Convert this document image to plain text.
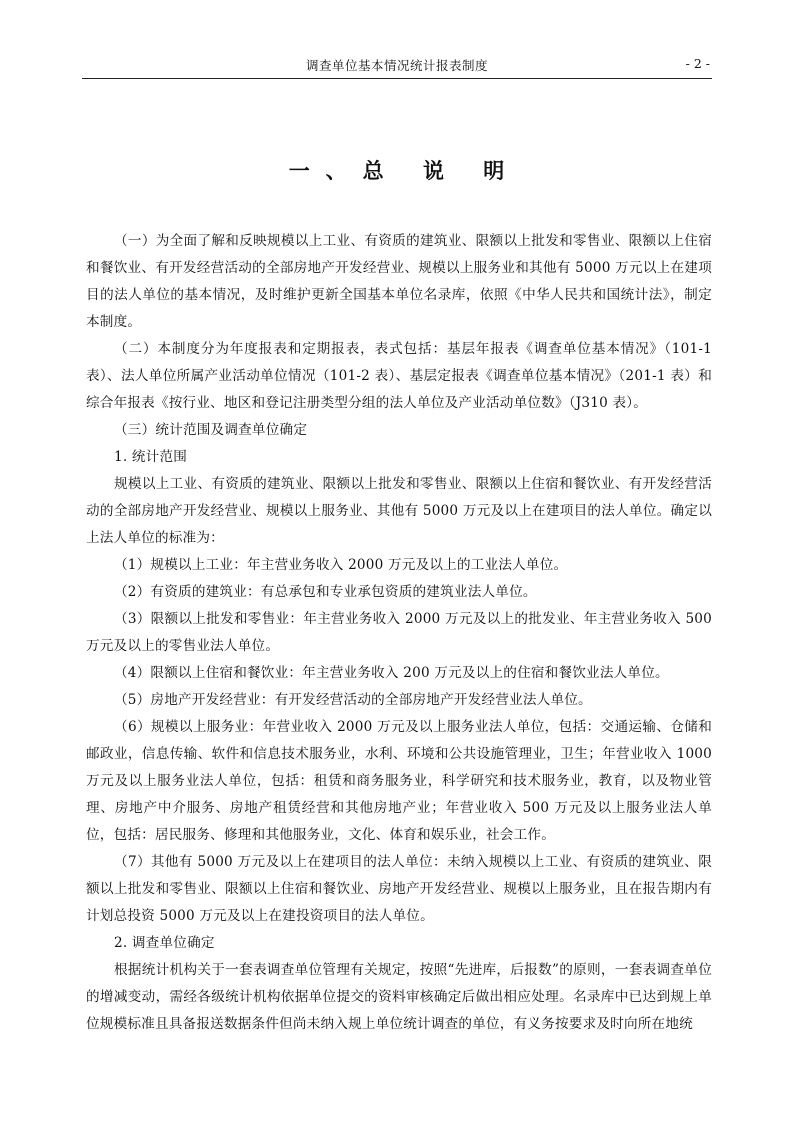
调查单位基本情况统计报表制度	- 2 -
一、总 说 明

（一）为全面了解和反映规模以上工业、有资质的建筑业、限额以上批发和零售业、限额以上住宿和餐饮业、有开发经营活动的全部房地产开发经营业、规模以上服务业和其他有 5000 万元以上在建项目的法人单位的基本情况，及时维护更新全国基本单位名录库，依照《中华人民共和国统计法》，制定本制度。

（二）本制度分为年度报表和定期报表，表式包括：基层年报表《调查单位基本情况》（101-1 表）、法人单位所属产业活动单位情况（101-2 表）、基层定报表《调查单位基本情况》（201-1 表）和综合年报表《按行业、地区和登记注册类型分组的法人单位及产业活动单位数》（J310 表）。

（三）统计范围及调查单位确定

1. 统计范围

规模以上工业、有资质的建筑业、限额以上批发和零售业、限额以上住宿和餐饮业、有开发经营活动的全部房地产开发经营业、规模以上服务业、其他有 5000 万元及以上在建项目的法人单位。确定以上法人单位的标准为：

（1）规模以上工业：年主营业务收入 2000 万元及以上的工业法人单位。

（2）有资质的建筑业：有总承包和专业承包资质的建筑业法人单位。

（3）限额以上批发和零售业：年主营业务收入 2000 万元及以上的批发业、年主营业务收入 500 万元及以上的零售业法人单位。

（4）限额以上住宿和餐饮业：年主营业务收入 200 万元及以上的住宿和餐饮业法人单位。

（5）房地产开发经营业：有开发经营活动的全部房地产开发经营业法人单位。

（6）规模以上服务业：年营业收入 2000 万元及以上服务业法人单位，包括：交通运输、仓储和邮政业，信息传输、软件和信息技术服务业，水利、环境和公共设施管理业，卫生；年营业收入 1000 万元及以上服务业法人单位，包括：租赁和商务服务业，科学研究和技术服务业，教育，以及物业管理、房地产中介服务、房地产租赁经营和其他房地产业；年营业收入 500 万元及以上服务业法人单位，包括：居民服务、修理和其他服务业，文化、体育和娱乐业，社会工作。

（7）其他有 5000 万元及以上在建项目的法人单位：未纳入规模以上工业、有资质的建筑业、限额以上批发和零售业、限额以上住宿和餐饮业、房地产开发经营业、规模以上服务业，且在报告期内有计划总投资 5000 万元及以上在建投资项目的法人单位。

2. 调查单位确定

根据统计机构关于一套表调查单位管理有关规定，按照“先进库，后报数”的原则，一套表调查单位的增减变动，需经各级统计机构依据单位提交的资料审核确定后做出相应处理。名录库中已达到规上单位规模标准且具备报送数据条件但尚未纳入规上单位统计调查的单位，有义务按要求及时向所在地统
